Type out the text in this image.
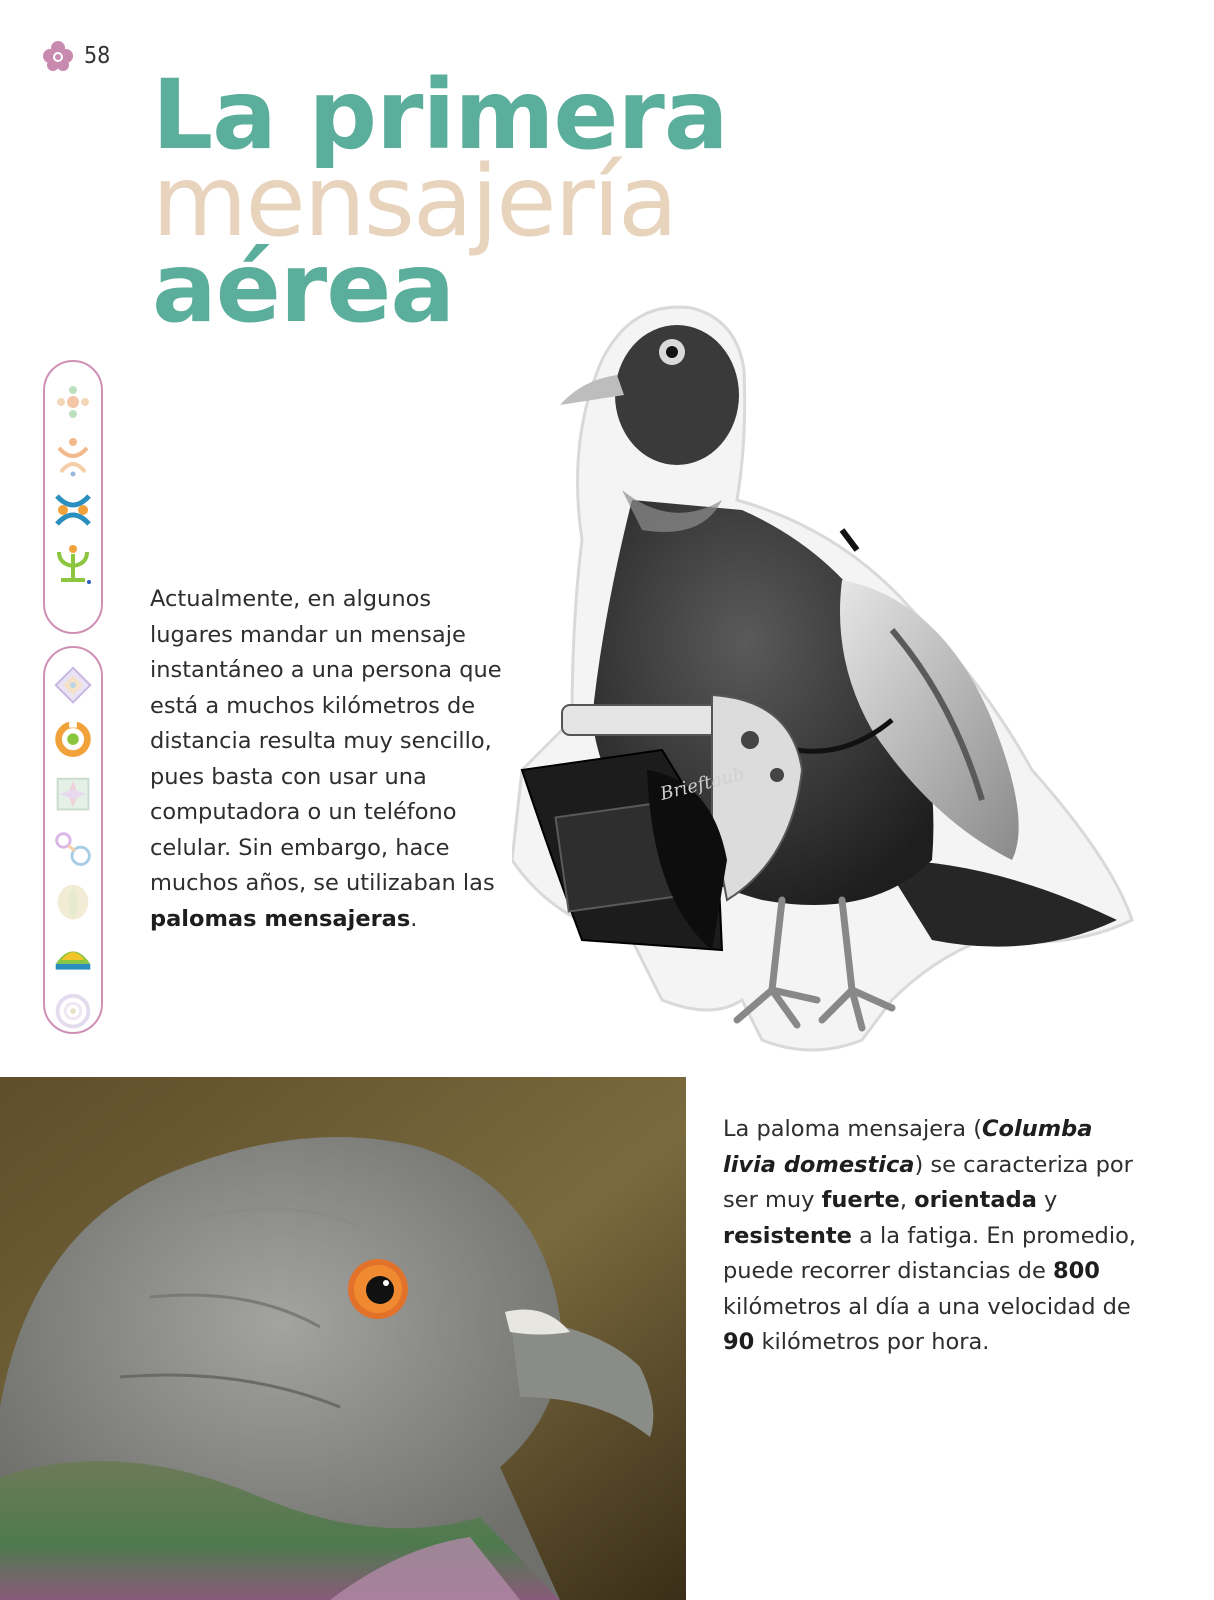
58
La primera
mensajería
aérea

Actualmente, en algunos lugares mandar un mensaje instantáneo a una persona que está a muchos kilómetros de distancia resulta muy sencillo, pues basta con usar una computadora o un teléfono celular. Sin embargo, hace muchos años, se utilizaban las palomas mensajeras.

Brieftaub

La paloma mensajera (Columba livia domestica) se caracteriza por ser muy fuerte, orientada y resistente a la fatiga. En promedio, puede recorrer distancias de 800 kilómetros al día a una velocidad de 90 kilómetros por hora.
